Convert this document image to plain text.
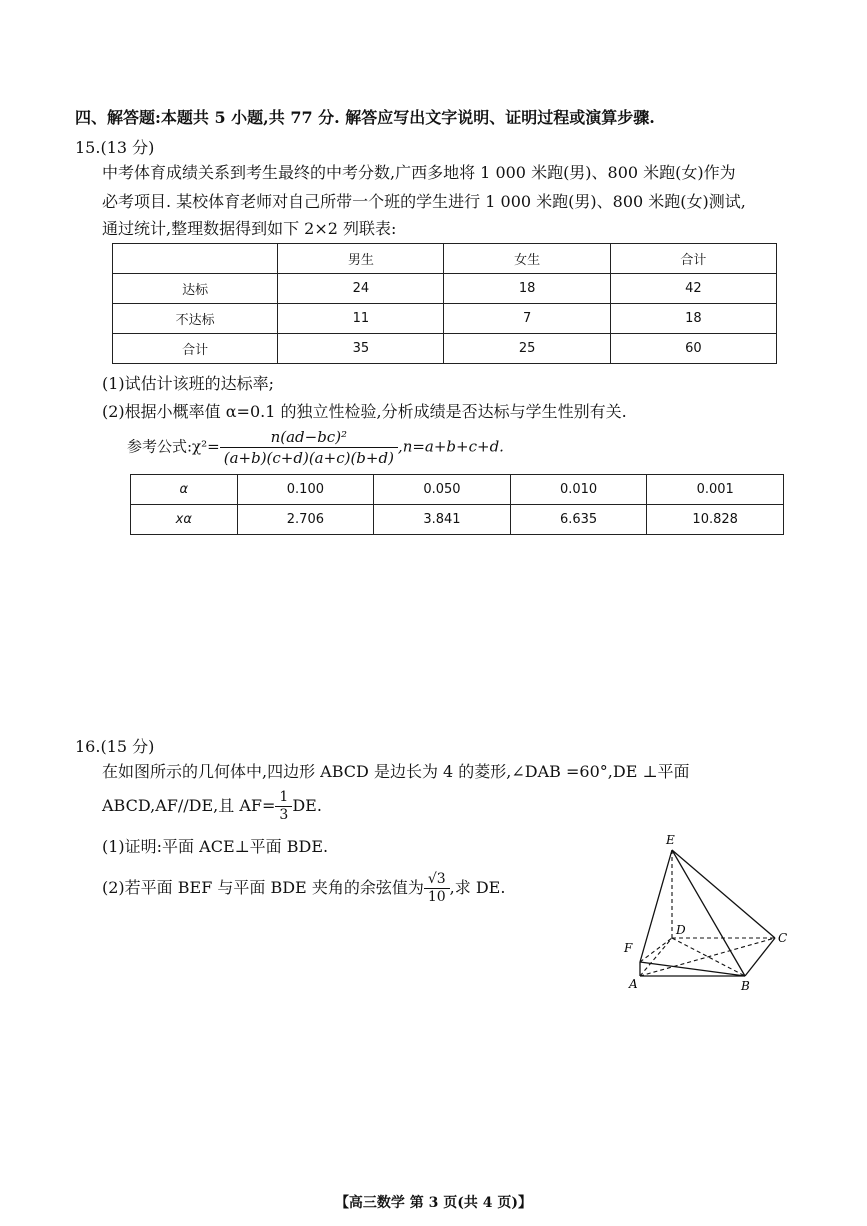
四、解答题:本题共 5 小题,共 77 分. 解答应写出文字说明、证明过程或演算步骤.
15.(13 分)
中考体育成绩关系到考生最终的中考分数,广西多地将 1 000 米跑(男)、800 米跑(女)作为
必考项目. 某校体育老师对自己所带一个班的学生进行 1 000 米跑(男)、800 米跑(女)测试,
通过统计,整理数据得到如下 2×2 列联表:
	男生	女生	合计
达标	24	18	42
不达标	11	7	18
合计	35	25	60
(1)试估计该班的达标率;
(2)根据小概率值 α=0.1 的独立性检验,分析成绩是否达标与学生性别有关.
参考公式:χ²= $\frac{\text{n(ad−bc)²}}{(a+b)(c+d)(a+c)(b+d)} ,n=a+b+c+d$.
α	0.100	0.050	0.010	0.001
xα	2.706	3.841	6.635	10.828
16.(15 分)
在如图所示的几何体中,四边形 ABCD 是边长为 4 的菱形,∠DAB =60°,DE ⊥平面
ABCD,AF//DE,且 $AF= \frac{1}{3}$ DE.
(1)证明:平面 ACE⊥平面 BDE.
(2)若平面 BEF 与平面 BDE 夹角的余弦值为 $\frac{√3}{10}$ ,求 DE.
E
D
C
F
A	B
【高三数学 第 3 页(共 4 页)】
